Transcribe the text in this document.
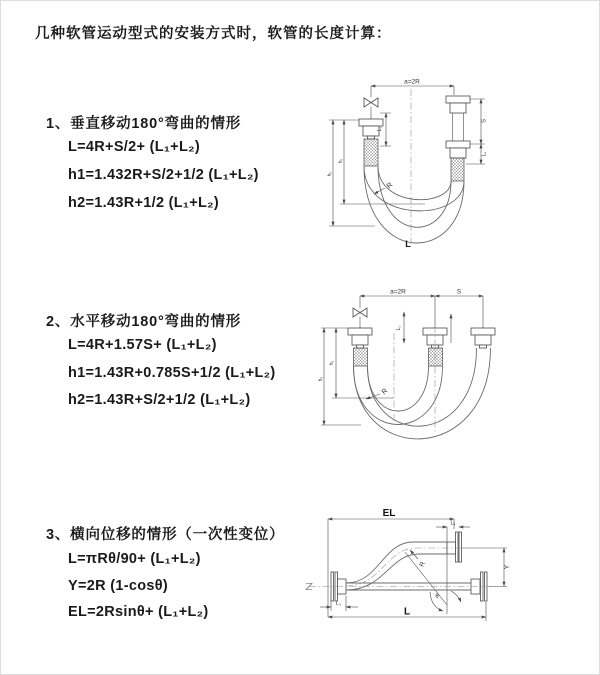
几种软管运动型式的安装方式时，软管的长度计算：
1、垂直移动180°弯曲的情形
L=4R+S/2+ (L₁+L₂)
h1=1.432R+S/2+1/2 (L₁+L₂)
h2=1.43R+1/2 (L₁+L₂)
2、水平移动180°弯曲的情形
L=4R+1.57S+ (L₁+L₂)
h1=1.43R+0.785S+1/2 (L₁+L₂)
h2=1.43R+S/2+1/2 (L₁+L₂)
3、横向位移的情形（一次性变位）
L=πRθ/90+ (L₁+L₂)
Y=2R (1-cosθ)
EL=2Rsinθ+ (L₁+L₂)
a=2R
L₁
S
L₁
h₁
h₂
R
L
a=2R	S
L₁
h₁
h₂
R
EL
L₁
Y
R
θ
L
L₁
